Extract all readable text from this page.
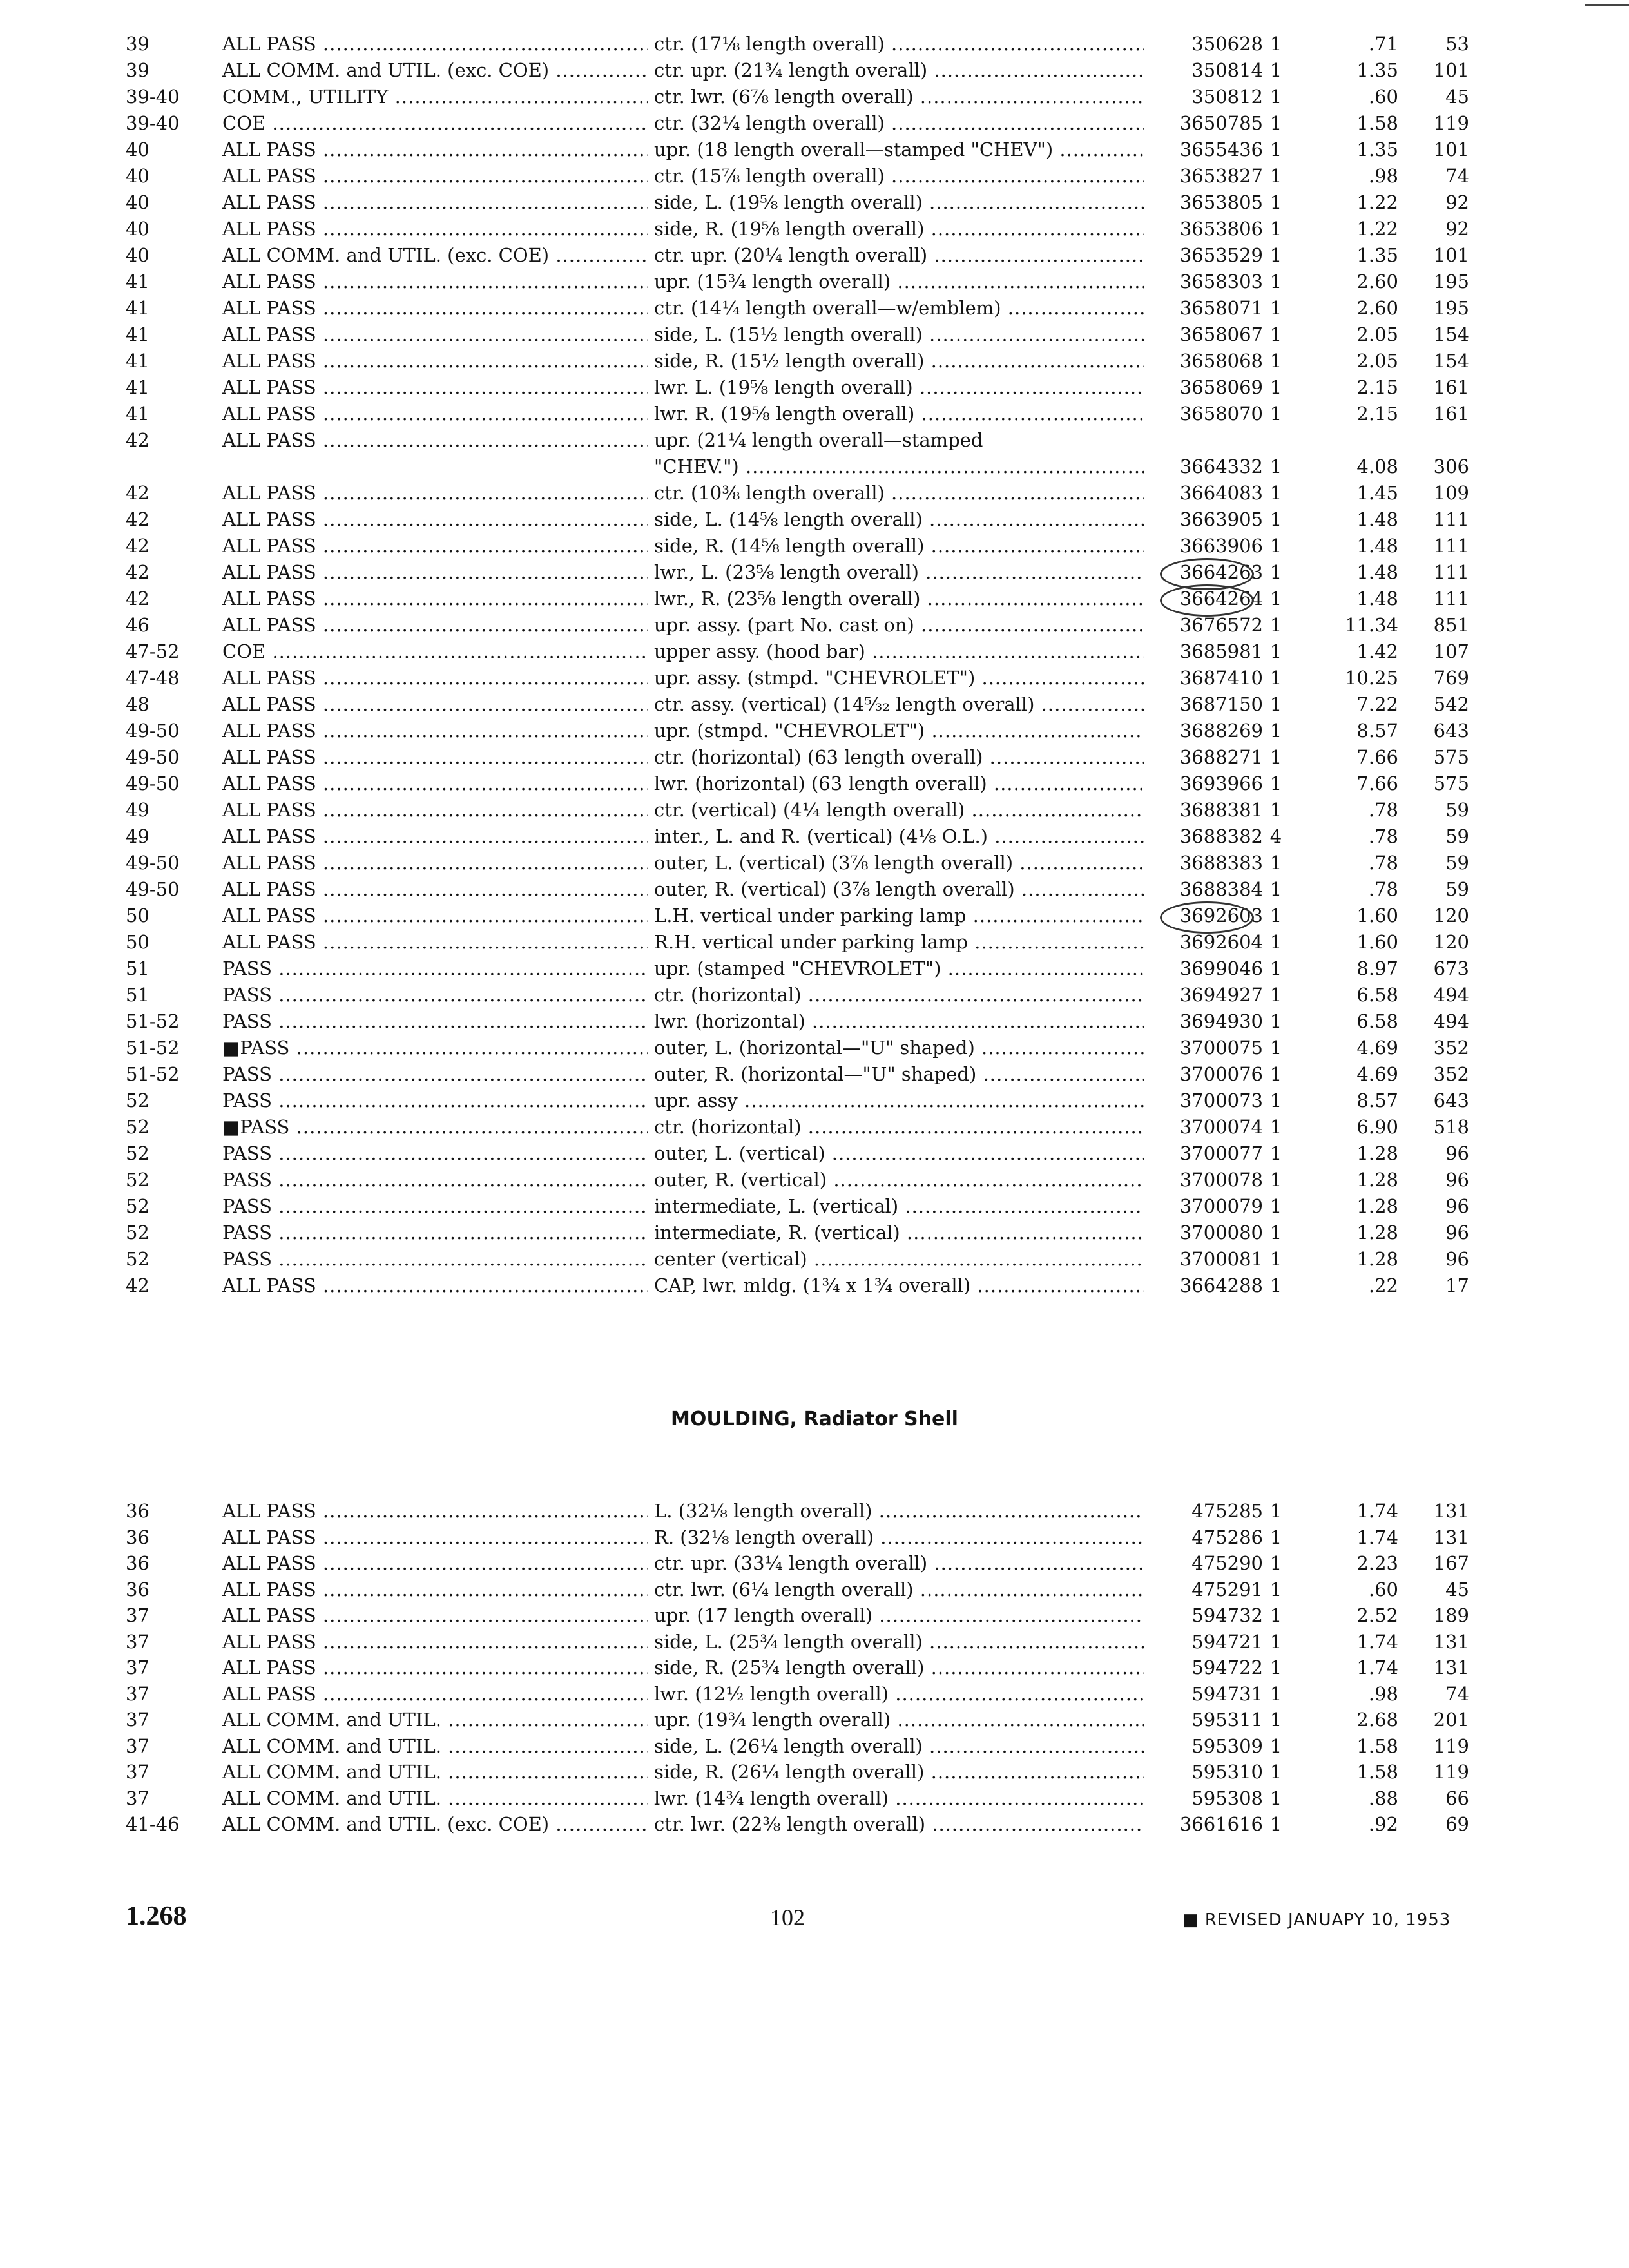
39	ALL PASS .....	ctr. (17⅛ length overall) .....	350628 1	.71	53
39	ALL COMM. and UTIL. (exc. COE) .....	ctr. upr. (21¾ length overall) .....	350814 1	1.35	101
39-40	COMM., UTILITY .....	ctr. lwr. (6⅞ length overall) .....	350812 1	.60	45
39-40	COE .....	ctr. (32¼ length overall) .....	3650785 1	1.58	119
40	ALL PASS .....	upr. (18 length overall—stamped "CHEV") .....	3655436 1	1.35	101
40	ALL PASS .....	ctr. (15⅞ length overall) .....	3653827 1	.98	74
40	ALL PASS .....	side, L. (19⅝ length overall) .....	3653805 1	1.22	92
40	ALL PASS .....	side, R. (19⅝ length overall) .....	3653806 1	1.22	92
40	ALL COMM. and UTIL. (exc. COE) .....	ctr. upr. (20¼ length overall) .....	3653529 1	1.35	101
41	ALL PASS .....	upr. (15¾ length overall) .....	3658303 1	2.60	195
41	ALL PASS .....	ctr. (14¼ length overall—w/emblem) .....	3658071 1	2.60	195
41	ALL PASS .....	side, L. (15½ length overall) .....	3658067 1	2.05	154
41	ALL PASS .....	side, R. (15½ length overall) .....	3658068 1	2.05	154
41	ALL PASS .....	lwr. L. (19⅝ length overall) .....	3658069 1	2.15	161
41	ALL PASS .....	lwr. R. (19⅝ length overall) .....	3658070 1	2.15	161
42	ALL PASS .....	upr. (21¼ length overall—stamped
"CHEV.") .....	3664332 1	4.08	306
42	ALL PASS .....	ctr. (10⅜ length overall) .....	3664083 1	1.45	109
42	ALL PASS .....	side, L. (14⅝ length overall) .....	3663905 1	1.48	111
42	ALL PASS .....	side, R. (14⅝ length overall) .....	3663906 1	1.48	111
42	ALL PASS .....	lwr., L. (23⅝ length overall) .....	3664263 1	1.48	111
42	ALL PASS .....	lwr., R. (23⅝ length overall) .....	3664264 1	1.48	111
46	ALL PASS .....	upr. assy. (part No. cast on) .....	3676572 1	11.34	851
47-52	COE .....	upper assy. (hood bar) .....	3685981 1	1.42	107
47-48	ALL PASS .....	upr. assy. (stmpd. "CHEVROLET") .....	3687410 1	10.25	769
48	ALL PASS .....	ctr. assy. (vertical) (14⁵⁄₃₂ length overall) .....	3687150 1	7.22	542
49-50	ALL PASS .....	upr. (stmpd. "CHEVROLET") .....	3688269 1	8.57	643
49-50	ALL PASS .....	ctr. (horizontal) (63 length overall) .....	3688271 1	7.66	575
49-50	ALL PASS .....	lwr. (horizontal) (63 length overall) .....	3693966 1	7.66	575
49	ALL PASS .....	ctr. (vertical) (4¼ length overall) .....	3688381 1	.78	59
49	ALL PASS .....	inter., L. and R. (vertical) (4⅛ O.L.) .....	3688382 4	.78	59
49-50	ALL PASS .....	outer, L. (vertical) (3⅞ length overall) .....	3688383 1	.78	59
49-50	ALL PASS .....	outer, R. (vertical) (3⅞ length overall) .....	3688384 1	.78	59
50	ALL PASS .....	L.H. vertical under parking lamp .....	3692603 1	1.60	120
50	ALL PASS .....	R.H. vertical under parking lamp .....	3692604 1	1.60	120
51	PASS .....	upr. (stamped "CHEVROLET") .....	3699046 1	8.97	673
51	PASS .....	ctr. (horizontal) .....	3694927 1	6.58	494
51-52	PASS .....	lwr. (horizontal) .....	3694930 1	6.58	494
51-52	■PASS .....	outer, L. (horizontal—"U" shaped) .....	3700075 1	4.69	352
51-52	PASS .....	outer, R. (horizontal—"U" shaped) .....	3700076 1	4.69	352
52	PASS .....	upr. assy .....	3700073 1	8.57	643
52	■PASS .....	ctr. (horizontal) .....	3700074 1	6.90	518
52	PASS .....	outer, L. (vertical) .....	3700077 1	1.28	96
52	PASS .....	outer, R. (vertical) .....	3700078 1	1.28	96
52	PASS .....	intermediate, L. (vertical) .....	3700079 1	1.28	96
52	PASS .....	intermediate, R. (vertical) .....	3700080 1	1.28	96
52	PASS .....	center (vertical) .....	3700081 1	1.28	96
42	ALL PASS .....	CAP, lwr. mldg. (1¾ x 1¾ overall) .....	3664288 1	.22	17
MOULDING, Radiator Shell
36	ALL PASS .....	L. (32⅛ length overall) .....	475285 1	1.74	131
36	ALL PASS .....	R. (32⅛ length overall) .....	475286 1	1.74	131
36	ALL PASS .....	ctr. upr. (33¼ length overall) .....	475290 1	2.23	167
36	ALL PASS .....	ctr. lwr. (6¼ length overall) .....	475291 1	.60	45
37	ALL PASS .....	upr. (17 length overall) .....	594732 1	2.52	189
37	ALL PASS .....	side, L. (25¾ length overall) .....	594721 1	1.74	131
37	ALL PASS .....	side, R. (25¾ length overall) .....	594722 1	1.74	131
37	ALL PASS .....	lwr. (12½ length overall) .....	594731 1	.98	74
37	ALL COMM. and UTIL. .....	upr. (19¾ length overall) .....	595311 1	2.68	201
37	ALL COMM. and UTIL. .....	side, L. (26¼ length overall) .....	595309 1	1.58	119
37	ALL COMM. and UTIL. .....	side, R. (26¼ length overall) .....	595310 1	1.58	119
37	ALL COMM. and UTIL. .....	lwr. (14¾ length overall) .....	595308 1	.88	66
41-46	ALL COMM. and UTIL. (exc. COE) .....	ctr. lwr. (22⅜ length overall) .....	3661616 1	.92	69
1.268	102	■ REVISED JANUAPY 10, 1953
